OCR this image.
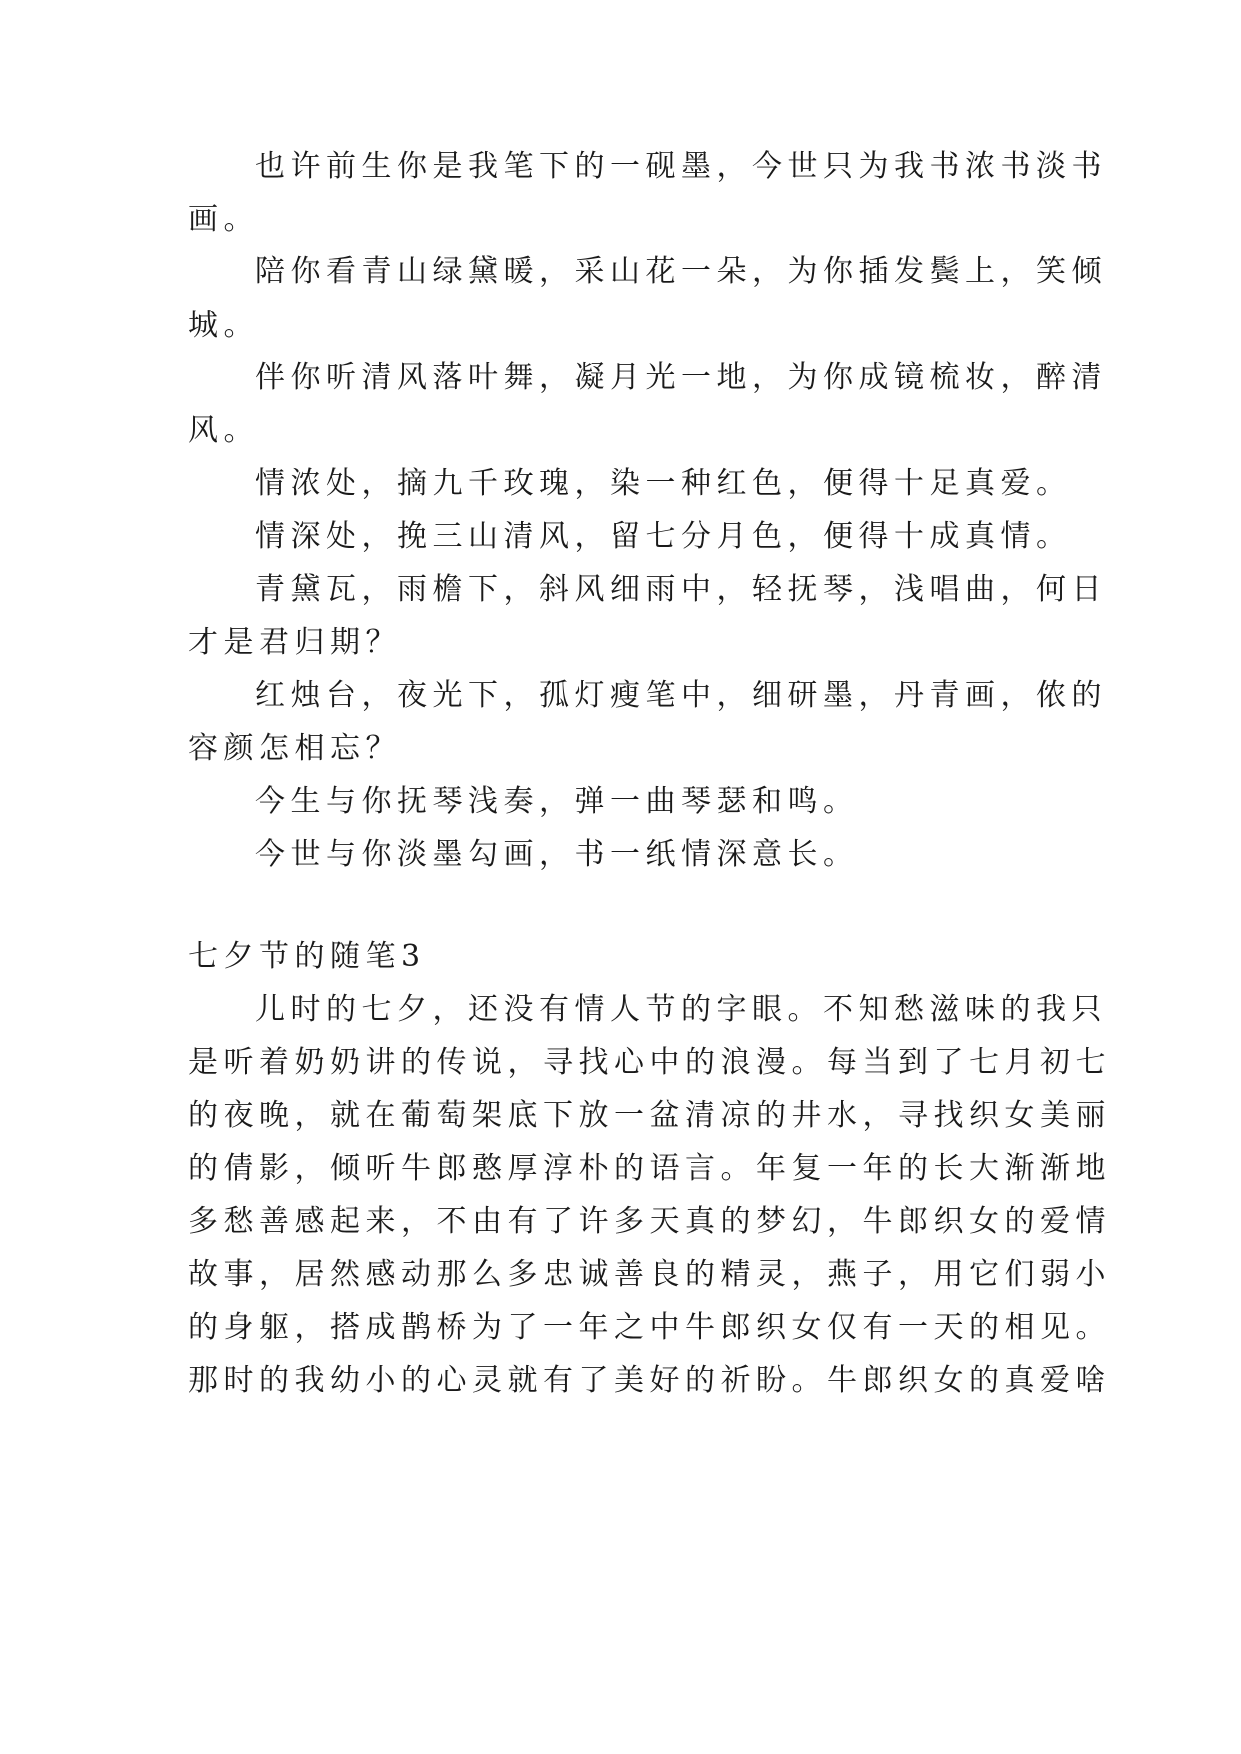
也许前生你是我笔下的一砚墨，今世只为我书浓书淡书
画。
陪你看青山绿黛暖，采山花一朵，为你插发鬓上，笑倾
城。
伴你听清风落叶舞，凝月光一地，为你成镜梳妆，醉清
风。
情浓处，摘九千玫瑰，染一种红色，便得十足真爱。
情深处，挽三山清风，留七分月色，便得十成真情。
青黛瓦，雨檐下，斜风细雨中，轻抚琴，浅唱曲，何日
才是君归期？
红烛台，夜光下，孤灯瘦笔中，细研墨，丹青画，侬的
容颜怎相忘？
今生与你抚琴浅奏，弹一曲琴瑟和鸣。
今世与你淡墨勾画，书一纸情深意长。
七夕节的随笔3
儿时的七夕，还没有情人节的字眼。不知愁滋味的我只
是听着奶奶讲的传说，寻找心中的浪漫。每当到了七月初七
的夜晚，就在葡萄架底下放一盆清凉的井水，寻找织女美丽
的倩影，倾听牛郎憨厚淳朴的语言。年复一年的长大渐渐地
多愁善感起来，不由有了许多天真的梦幻，牛郎织女的爱情
故事，居然感动那么多忠诚善良的精灵，燕子，用它们弱小
的身躯，搭成鹊桥为了一年之中牛郎织女仅有一天的相见。
那时的我幼小的心灵就有了美好的祈盼。牛郎织女的真爱啥
